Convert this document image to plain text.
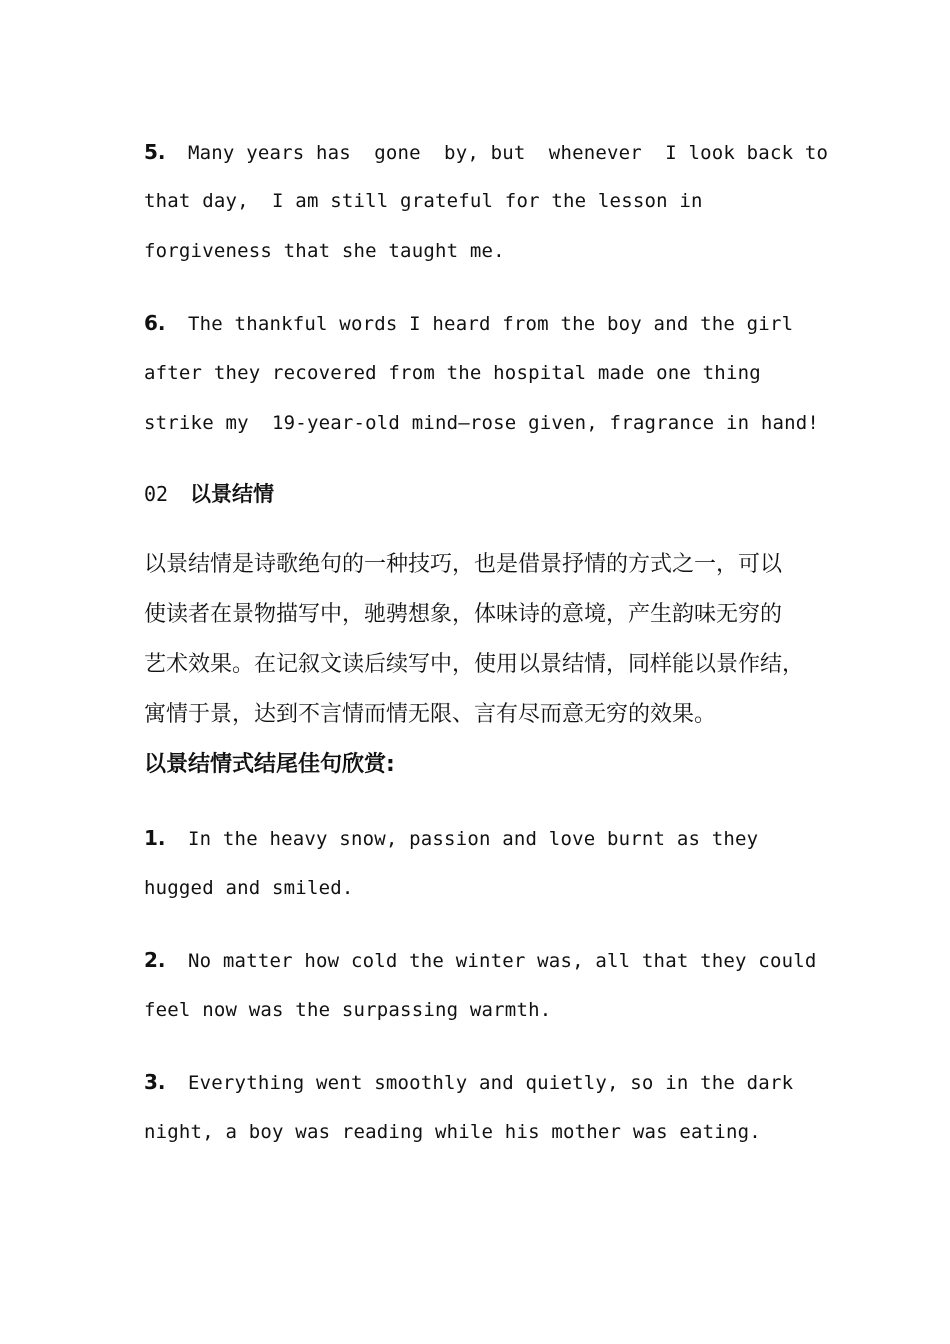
5. Many years has  gone  by, but  whenever  I look back to
that day,  I am still grateful for the lesson in
forgiveness that she taught me.
6. The thankful words I heard from the boy and the girl
after they recovered from the hospital made one thing
strike my  19-year-old mind—rose given, fragrance in hand!
02 以景结情
以景结情是诗歌绝句的一种技巧，也是借景抒情的方式之一，可以
使读者在景物描写中，驰骋想象，体味诗的意境，产生韵味无穷的
艺术效果。在记叙文读后续写中，使用以景结情，同样能以景作结，
寓情于景，达到不言情而情无限、言有尽而意无穷的效果。
以景结情式结尾佳句欣赏:
1. In the heavy snow, passion and love burnt as they
hugged and smiled.
2. No matter how cold the winter was, all that they could
feel now was the surpassing warmth.
3. Everything went smoothly and quietly, so in the dark
night, a boy was reading while his mother was eating.
